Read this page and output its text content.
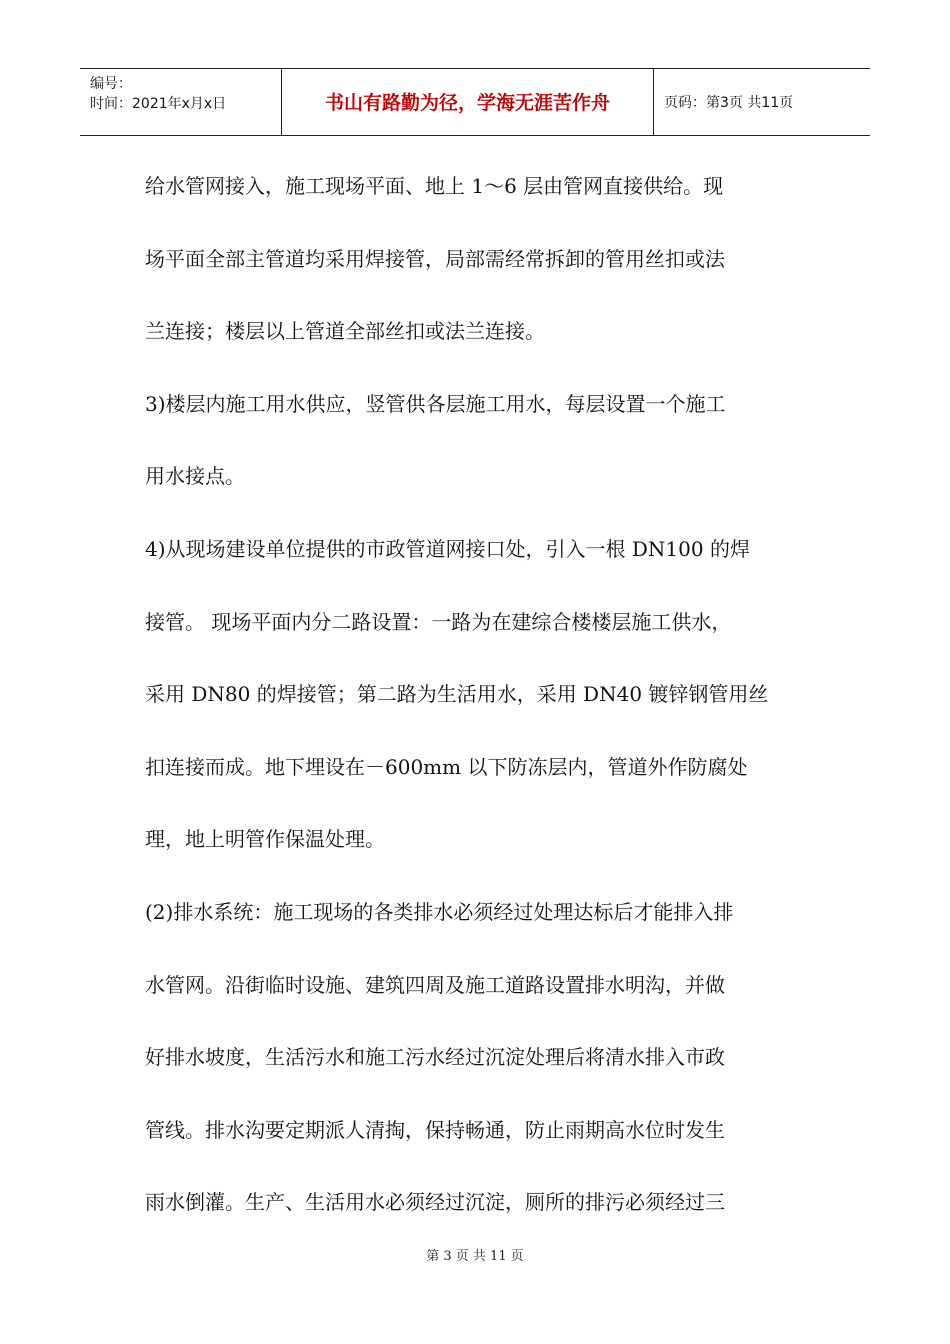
编号：
时间：2021年x月x日	书山有路勤为径，学海无涯苦作舟	页码：第3页 共11页
给水管网接入，施工现场平面、地上 1～6 层由管网直接供给。现
场平面全部主管道均采用焊接管，局部需经常拆卸的管用丝扣或法
兰连接；楼层以上管道全部丝扣或法兰连接。
3)楼层内施工用水供应，竖管供各层施工用水，每层设置一个施工
用水接点。
4)从现场建设单位提供的市政管道网接口处，引入一根 DN100 的焊
接管。 现场平面内分二路设置：一路为在建综合楼楼层施工供水，
采用 DN80 的焊接管；第二路为生活用水，采用 DN40 镀锌钢管用丝
扣连接而成。地下埋设在－600mm 以下防冻层内，管道外作防腐处
理，地上明管作保温处理。
(2)排水系统：施工现场的各类排水必须经过处理达标后才能排入排
水管网。沿街临时设施、建筑四周及施工道路设置排水明沟，并做
好排水坡度，生活污水和施工污水经过沉淀处理后将清水排入市政
管线。排水沟要定期派人清掏，保持畅通，防止雨期高水位时发生
雨水倒灌。生产、生活用水必须经过沉淀，厕所的排污必须经过三
第 3 页 共 11 页
